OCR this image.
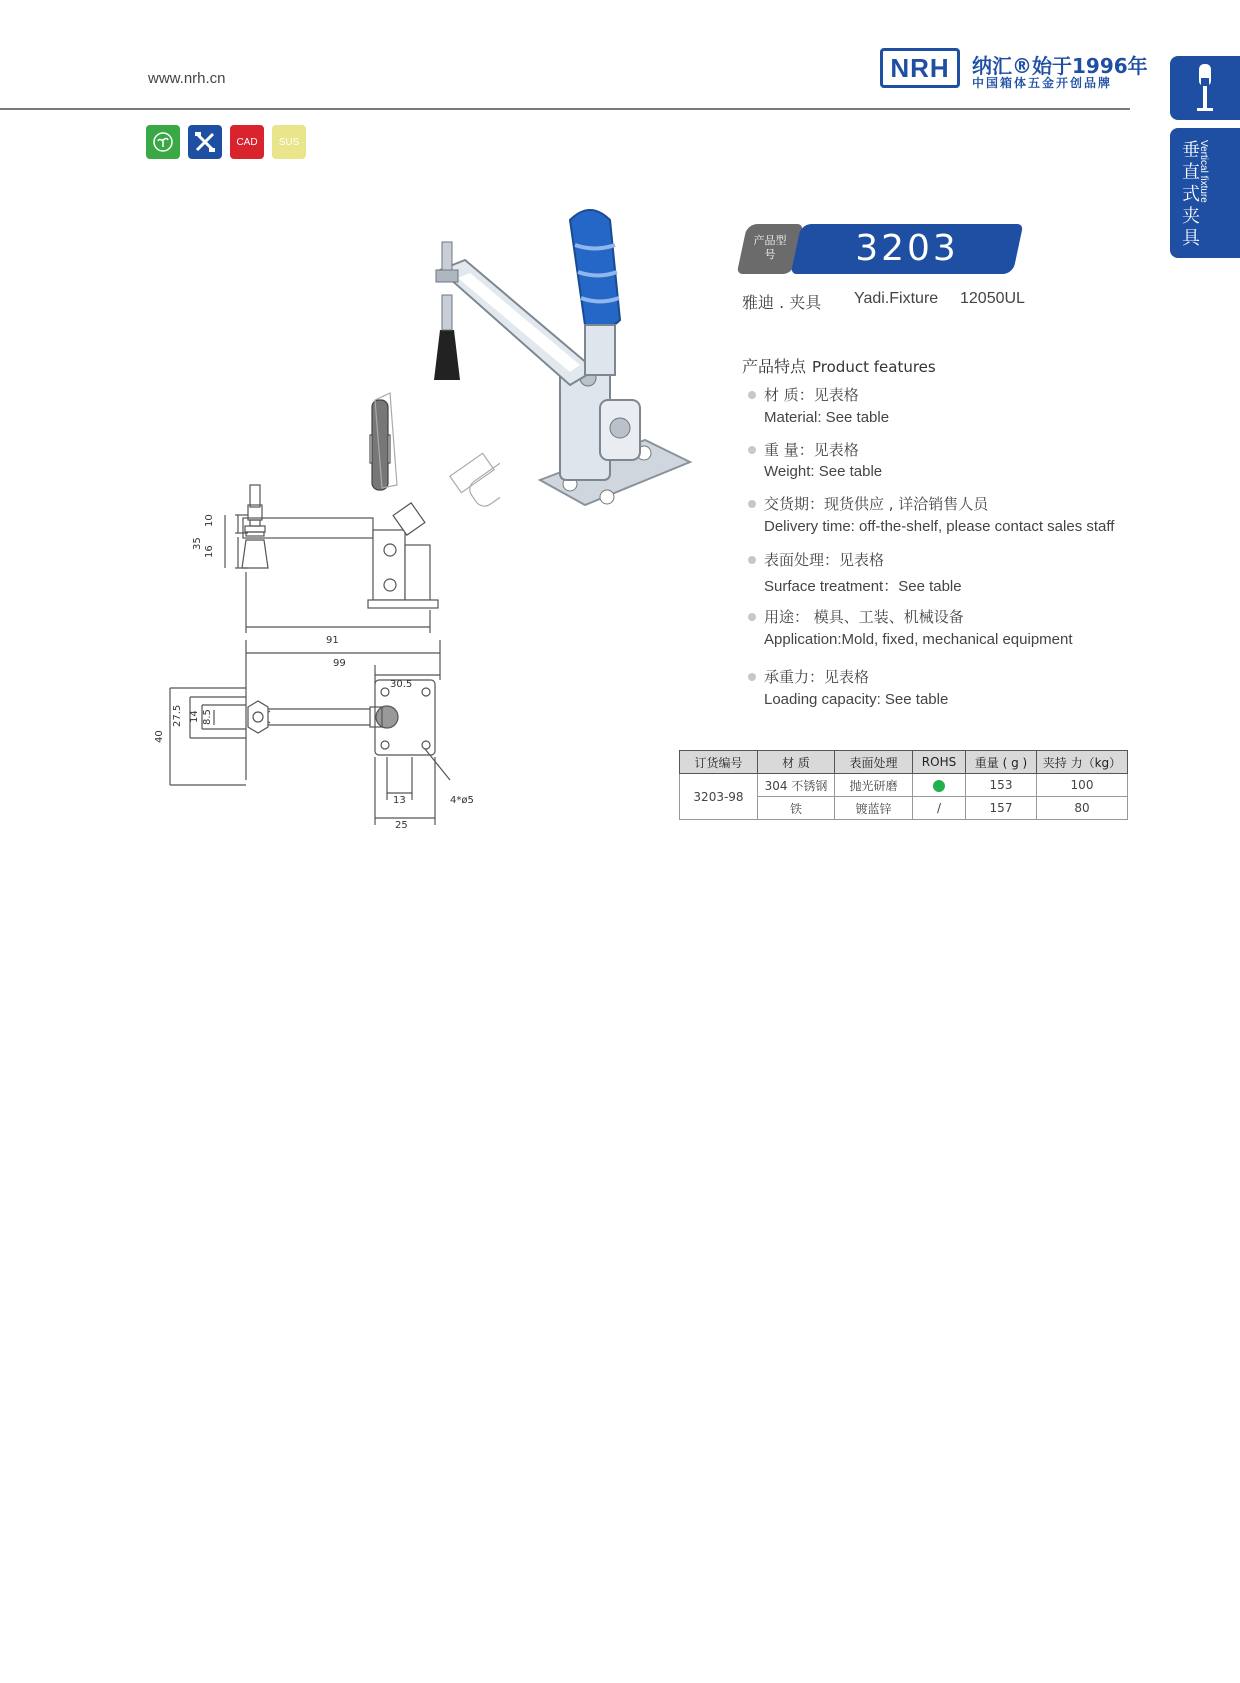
www.nrh.cn	NRH	纳汇®始于1996年
中国箱体五金开创品牌
垂直式夹具
Vertical fixture
CAD SUS
10
35
16
91
99
30.5
40
27.5 14 8.5
13
25
4*ø5
产品型号	3203
雅迪 . 夹具 Yadi.Fixture 12050UL
产品特点 Product features
材 质：见表格
Material: See table
重 量：见表格
Weight: See table
交货期：现货供应 , 详洽销售人员
Delivery time: off-the-shelf, please contact sales staff
表面处理：见表格
Surface treatment：See table
用途： 模具、工装、机械设备
Application:Mold, fixed, mechanical equipment
承重力：见表格
Loading capacity: See table
订货编号	材 质	表面处理	ROHS	重量 ( g )	夹持 力（kg）
3203-98	304 不锈钢	抛光研磨		153	100
	铁	镀蓝锌	/	157	80
